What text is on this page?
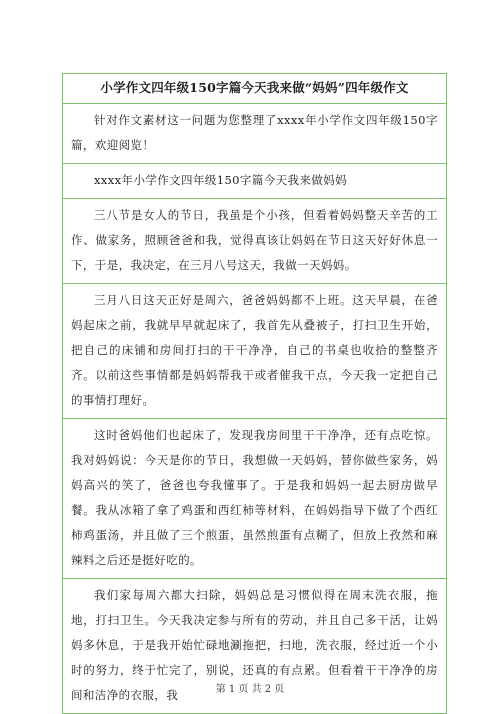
小学作文四年级150字篇今天我来做“妈妈”四年级作文
针对作文素材这一问题为您整理了xxxx年小学作文四年级150字篇，欢迎阅览！
xxxx年小学作文四年级150字篇今天我来做妈妈
三八节是女人的节日，我虽是个小孩，但看着妈妈整天辛苦的工作、做家务，照顾爸爸和我，觉得真该让妈妈在节日这天好好休息一下，于是，我决定，在三月八号这天，我做一天妈妈。
三月八日这天正好是周六，爸爸妈妈都不上班。这天早晨，在爸妈起床之前，我就早早就起床了，我首先从叠被子，打扫卫生开始，把自己的床铺和房间打扫的干干净净，自己的书桌也收拾的整整齐齐。以前这些事情都是妈妈帮我干或者催我干点，今天我一定把自己的事情打理好。
这时爸妈他们也起床了，发现我房间里干干净净，还有点吃惊。我对妈妈说：今天是你的节日，我想做一天妈妈，替你做些家务，妈妈高兴的笑了，爸爸也夸我懂事了。于是我和妈妈一起去厨房做早餐。我从冰箱了拿了鸡蛋和西红柿等材料，在妈妈指导下做了个西红柿鸡蛋汤，并且做了三个煎蛋，虽然煎蛋有点糊了，但放上孜然和麻辣料之后还是挺好吃的。
我们家每周六都大扫除，妈妈总是习惯似得在周末洗衣服，拖地，打扫卫生。今天我决定参与所有的劳动，并且自己多干活，让妈妈多休息，于是我开始忙碌地涮拖把，扫地，洗衣服，经过近一个小时的努力，终于忙完了，别说，还真的有点累。但看着干干净净的房间和洁净的衣服，我	第 1 页 共 2 页
